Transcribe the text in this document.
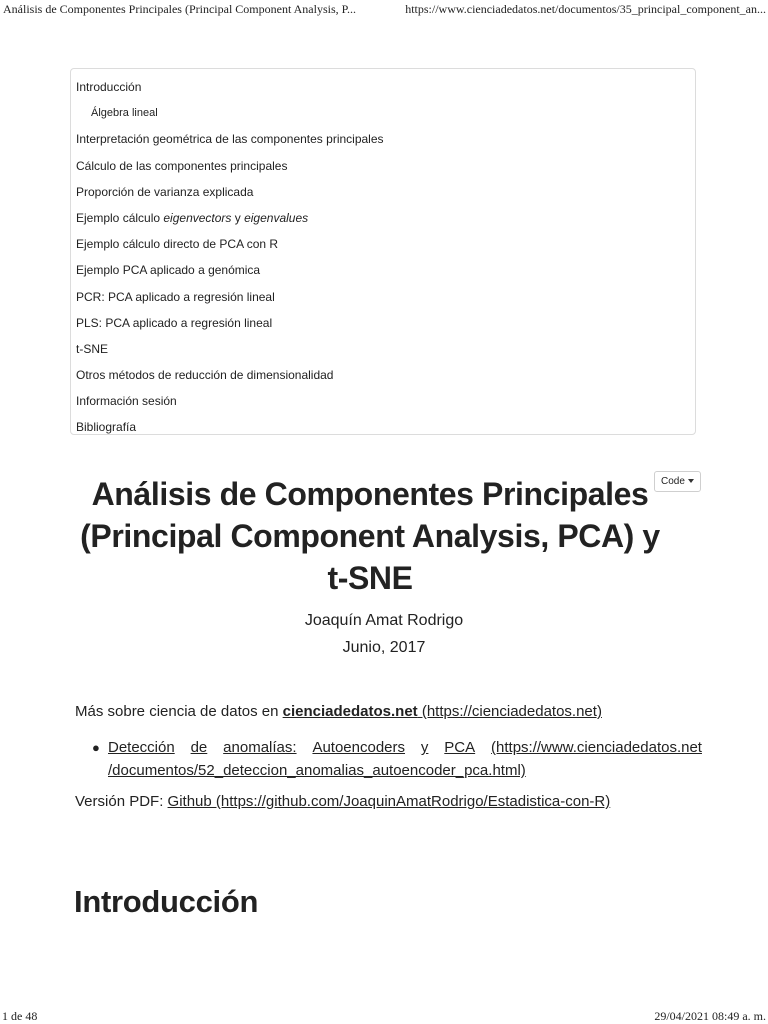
Análisis de Componentes Principales (Principal Component Analysis, P...	https://www.cienciadedatos.net/documentos/35_principal_component_an...
Introducción
Álgebra lineal
Interpretación geométrica de las componentes principales
Cálculo de las componentes principales
Proporción de varianza explicada
Ejemplo cálculo eigenvectors y eigenvalues
Ejemplo cálculo directo de PCA con R
Ejemplo PCA aplicado a genómica
PCR: PCA aplicado a regresión lineal
PLS: PCA aplicado a regresión lineal
t-SNE
Otros métodos de reducción de dimensionalidad
Información sesión
Bibliografía
Análisis de Componentes Principales
(Principal Component Analysis, PCA) y
t-SNE
Code
Joaquín Amat Rodrigo
Junio, 2017

Más sobre ciencia de datos en cienciadedatos.net (https://cienciadedatos.net)

● Detección de anomalías: Autoencoders y PCA (https://www.cienciadedatos.net
/documentos/52_deteccion_anomalias_autoencoder_pca.html)

Versión PDF: Github (https://github.com/JoaquinAmatRodrigo/Estadistica-con-R)

Introducción
1 de 48	29/04/2021 08:49 a. m.
